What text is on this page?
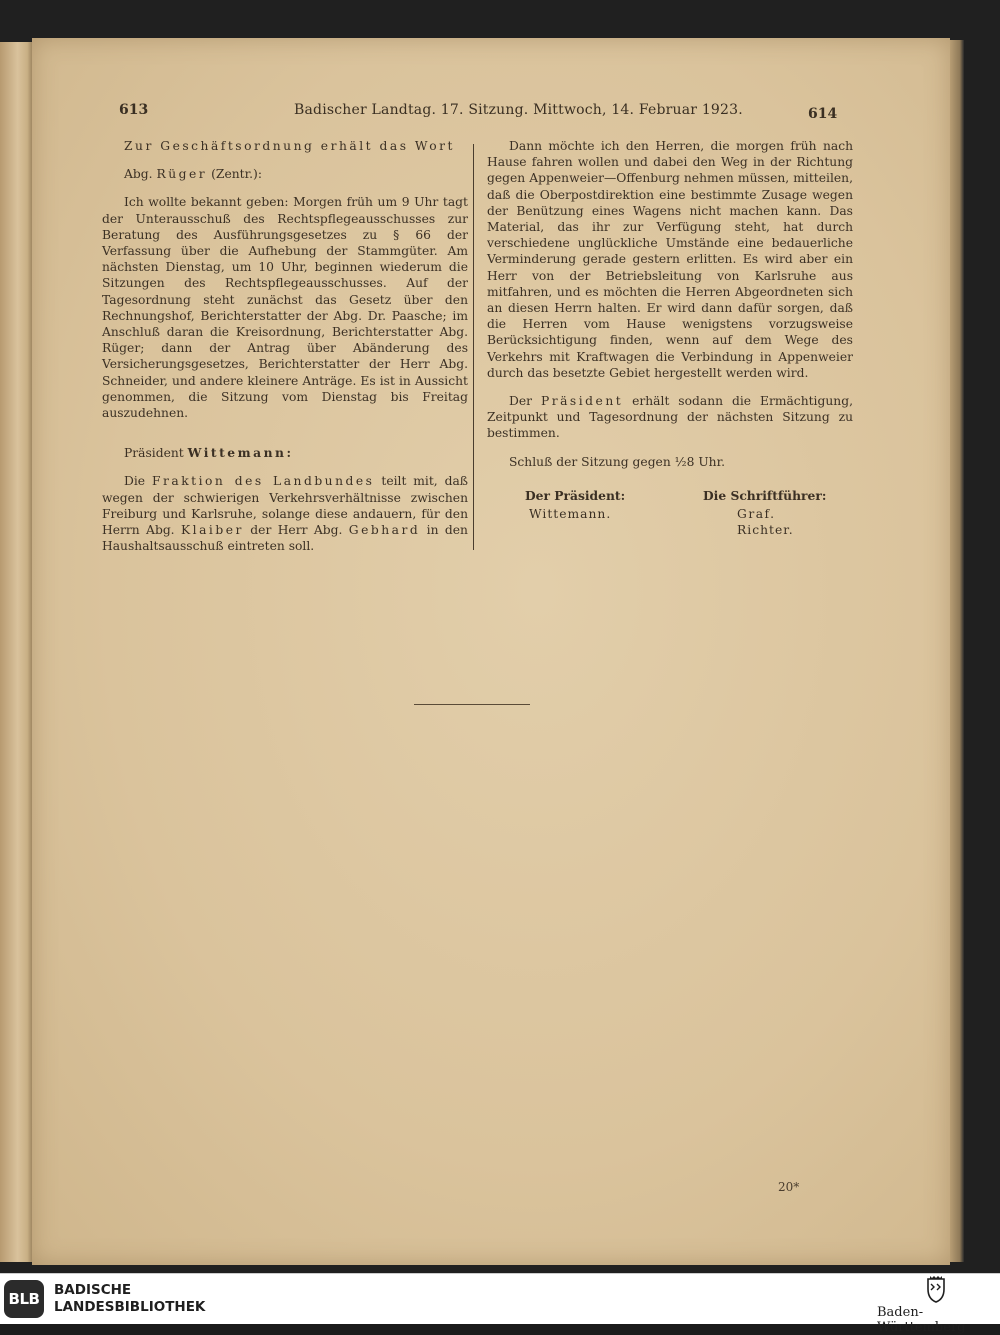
613	Badischer Landtag. 17. Sitzung. Mittwoch, 14. Februar 1923.	614

Zur Geschäftsordnung erhält das Wort

Abg. Rüger (Zentr.):

Ich wollte bekannt geben: Morgen früh um 9 Uhr tagt der Unterausschuß des Rechtspflegeausschusses zur Beratung des Ausführungsgesetzes zu § 66 der Verfassung über die Aufhebung der Stammgüter. Am nächsten Dienstag, um 10 Uhr, beginnen wiederum die Sitzungen des Rechtspflegeausschusses. Auf der Tagesordnung steht zunächst das Gesetz über den Rechnungshof, Berichterstatter der Abg. Dr. Paasche; im Anschluß daran die Kreisordnung, Berichterstatter Abg. Rüger; dann der Antrag über Abänderung des Versicherungsgesetzes, Berichterstatter der Herr Abg. Schneider, und andere kleinere Anträge. Es ist in Aussicht genommen, die Sitzung vom Dienstag bis Freitag auszudehnen.

Präsident Wittemann:

Die Fraktion des Landbundes teilt mit, daß wegen der schwierigen Verkehrsverhältnisse zwischen Freiburg und Karlsruhe, solange diese andauern, für den Herrn Abg. Klaiber der Herr Abg. Gebhard in den Haushaltsausschuß eintreten soll.

Dann möchte ich den Herren, die morgen früh nach Hause fahren wollen und dabei den Weg in der Richtung gegen Appenweier—Offenburg nehmen müssen, mitteilen, daß die Oberpostdirektion eine bestimmte Zusage wegen der Benützung eines Wagens nicht machen kann. Das Material, das ihr zur Verfügung steht, hat durch verschiedene unglückliche Umstände eine bedauerliche Verminderung gerade gestern erlitten. Es wird aber ein Herr von der Betriebsleitung von Karlsruhe aus mitfahren, und es möchten die Herren Abgeordneten sich an diesen Herrn halten. Er wird dann dafür sorgen, daß die Herren vom Hause wenigstens vorzugsweise Berücksichtigung finden, wenn auf dem Wege des Verkehrs mit Kraftwagen die Verbindung in Appenweier durch das besetzte Gebiet hergestellt werden wird.

Der Präsident erhält sodann die Ermächtigung, Zeitpunkt und Tagesordnung der nächsten Sitzung zu bestimmen.

Schluß der Sitzung gegen ½8 Uhr.

Der Präsident:
Wittemann.
Die Schriftführer:
Graf.
Richter.
20*
BLB	BADISCHE
LANDESBIBLIOTHEK	Baden-Württemberg
